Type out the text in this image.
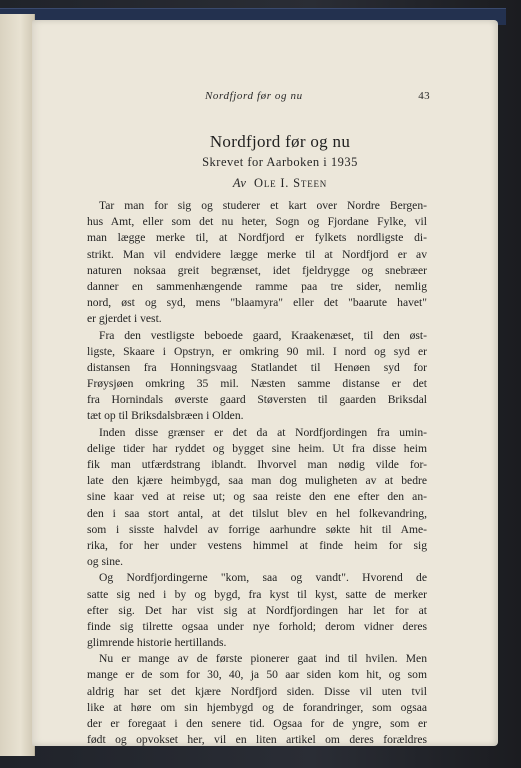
Nordfjord før og nu	43
Nordfjord før og nu
Skrevet for Aarboken i 1935
Av Ole I. Steen
Tar man for sig og studerer et kart over Nordre Bergen-
hus Amt, eller som det nu heter, Sogn og Fjordane Fylke, vil
man lægge merke til, at Nordfjord er fylkets nordligste di-
strikt. Man vil endvidere lægge merke til at Nordfjord er av
naturen noksaa greit begrænset, idet fjeldrygge og snebræer
danner en sammenhængende ramme paa tre sider, nemlig
nord, øst og syd, mens "blaamyra" eller det "baarute havet"
er gjerdet i vest.
Fra den vestligste beboede gaard, Kraakenæset, til den øst-
ligste, Skaare i Opstryn, er omkring 90 mil. I nord og syd er
distansen fra Honningsvaag Statlandet til Henøen syd for
Frøysjøen omkring 35 mil. Næsten samme distanse er det
fra Hornindals øverste gaard Støversten til gaarden Briksdal
tæt op til Briksdalsbræen i Olden.
Inden disse grænser er det da at Nordfjordingen fra umin-
delige tider har ryddet og bygget sine heim. Ut fra disse heim
fik man utfærdstrang iblandt. Ihvorvel man nødig vilde for-
late den kjære heimbygd, saa man dog muligheten av at bedre
sine kaar ved at reise ut; og saa reiste den ene efter den an-
den i saa stort antal, at det tilslut blev en hel folkevandring,
som i sisste halvdel av forrige aarhundre søkte hit til Ame-
rika, for her under vestens himmel at finde heim for sig
og sine.
Og Nordfjordingerne "kom, saa og vandt". Hvorend de
satte sig ned i by og bygd, fra kyst til kyst, satte de merker
efter sig. Det har vist sig at Nordfjordingen har let for at
finde sig tilrette ogsaa under nye forhold; derom vidner deres
glimrende historie hertillands.
Nu er mange av de første pionerer gaat ind til hvilen. Men
mange er de som for 30, 40, ja 50 aar siden kom hit, og som
aldrig har set det kjære Nordfjord siden. Disse vil uten tvil
like at høre om sin hjembygd og de forandringer, som ogsaa
der er foregaat i den senere tid. Ogsaa for de yngre, som er
født og opvokset her, vil en liten artikel om deres forældres
